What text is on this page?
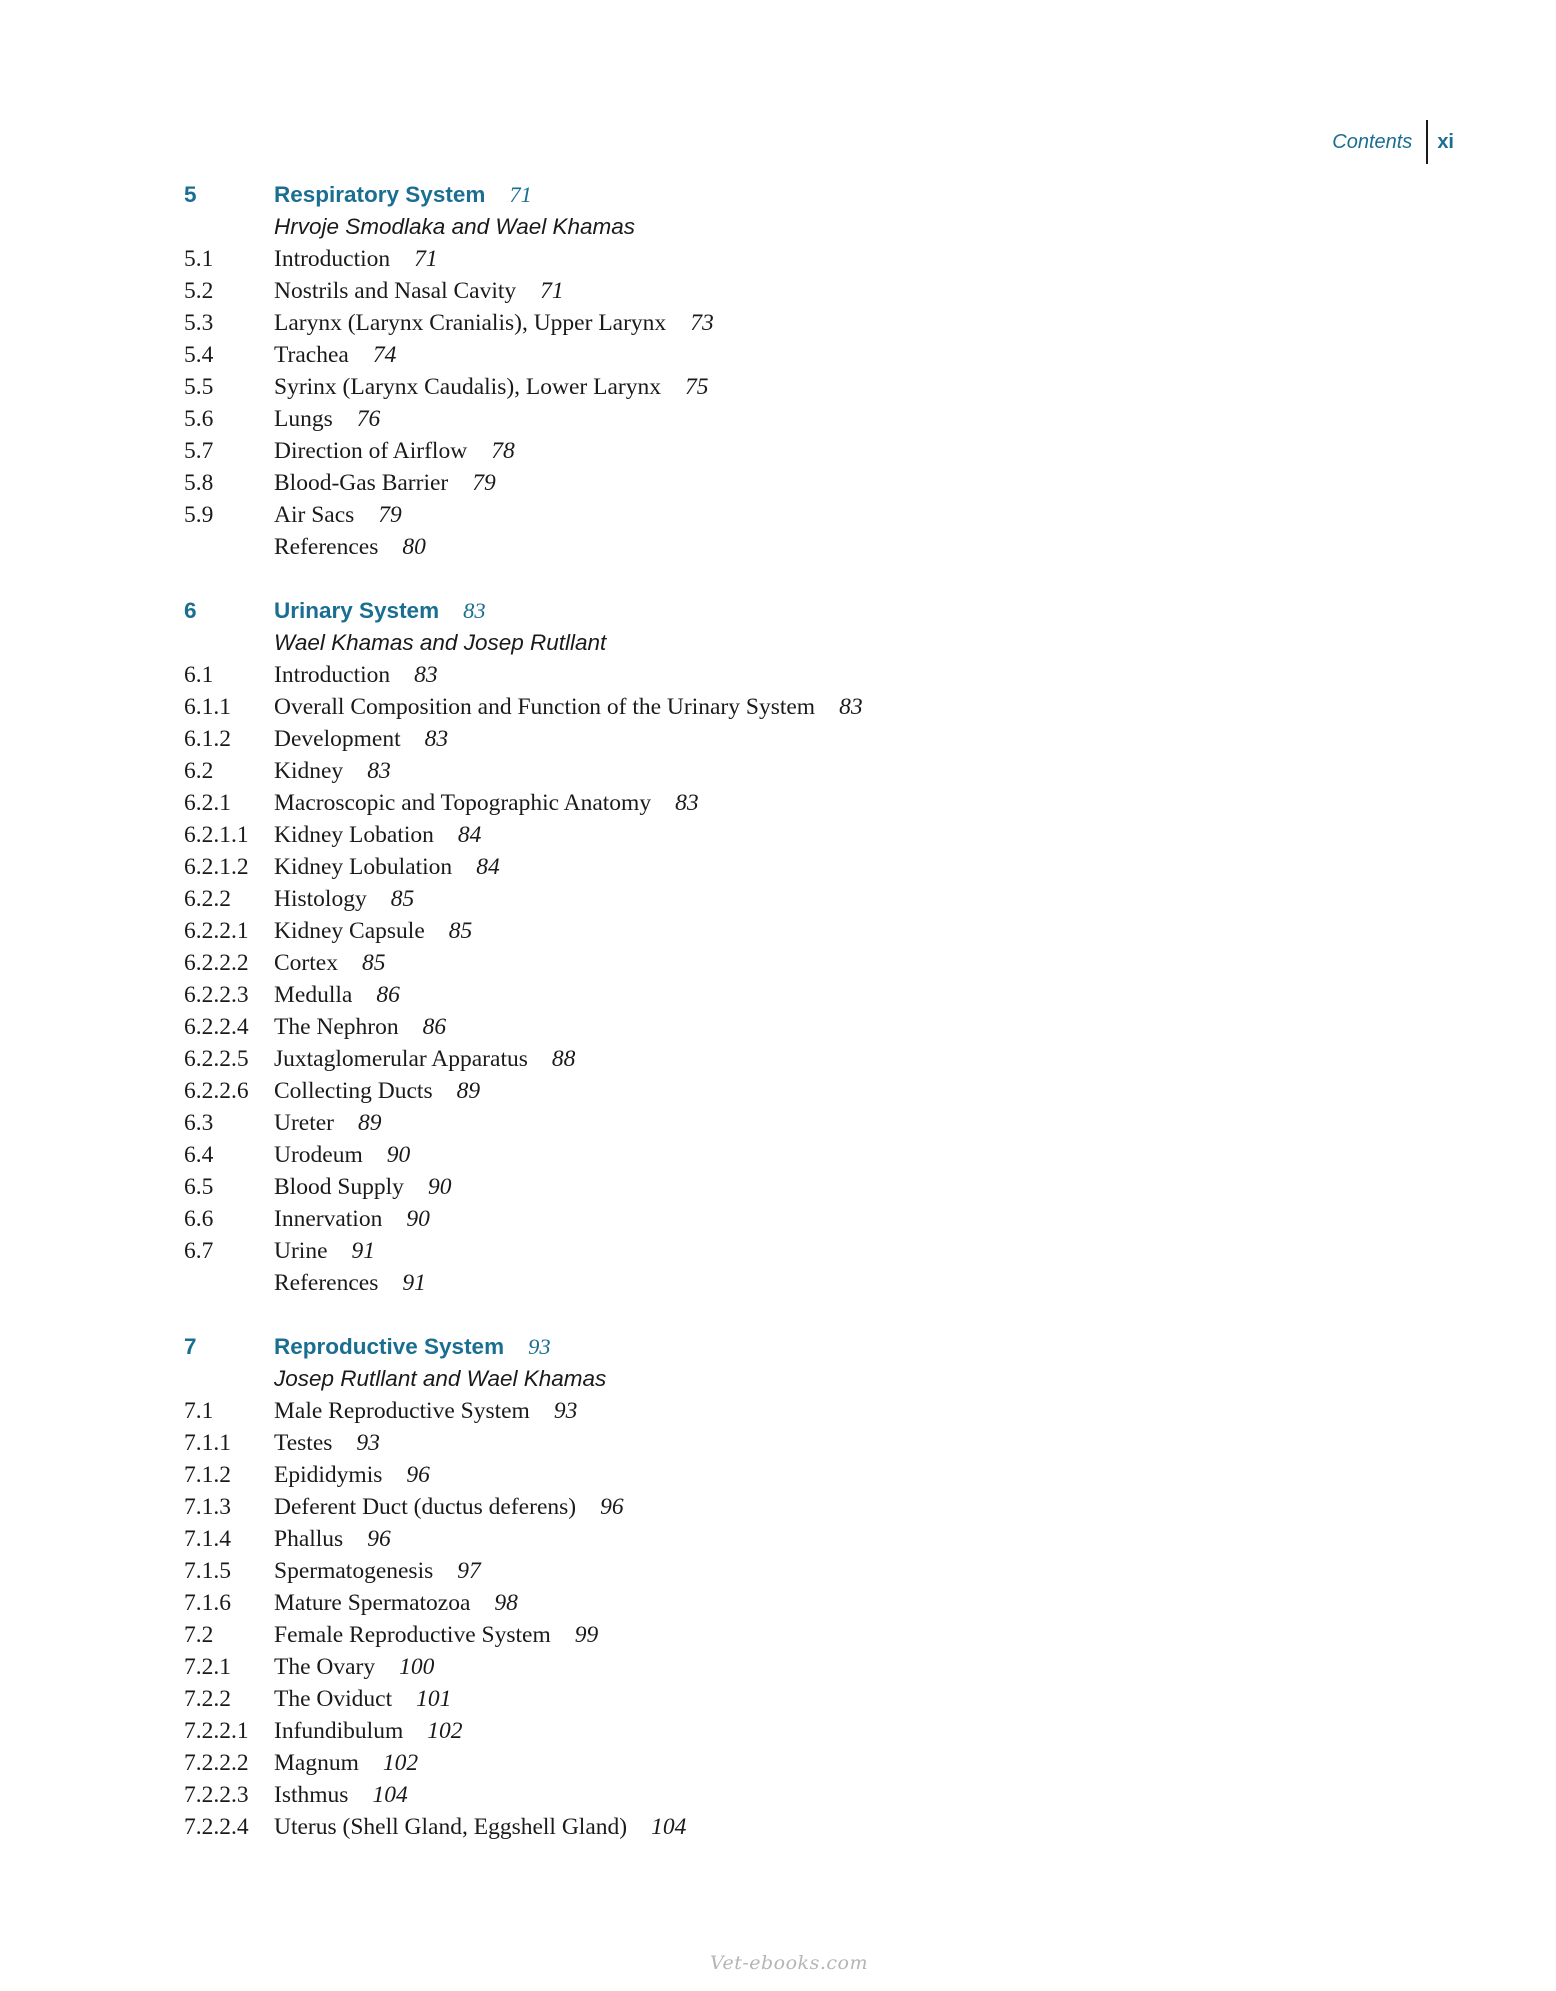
Contents	xi
5	Respiratory System 71
Hrvoje Smodlaka and Wael Khamas
5.1	Introduction 71
5.2	Nostrils and Nasal Cavity 71
5.3	Larynx (Larynx Cranialis), Upper Larynx 73
5.4	Trachea 74
5.5	Syrinx (Larynx Caudalis), Lower Larynx 75
5.6	Lungs 76
5.7	Direction of Airflow 78
5.8	Blood-Gas Barrier 79
5.9	Air Sacs 79
References 80
6	Urinary System 83
Wael Khamas and Josep Rutllant
6.1	Introduction 83
6.1.1	Overall Composition and Function of the Urinary System 83
6.1.2	Development 83
6.2	Kidney 83
6.2.1	Macroscopic and Topographic Anatomy 83
6.2.1.1	Kidney Lobation 84
6.2.1.2	Kidney Lobulation 84
6.2.2	Histology 85
6.2.2.1	Kidney Capsule 85
6.2.2.2	Cortex 85
6.2.2.3	Medulla 86
6.2.2.4	The Nephron 86
6.2.2.5	Juxtaglomerular Apparatus 88
6.2.2.6	Collecting Ducts 89
6.3	Ureter 89
6.4	Urodeum 90
6.5	Blood Supply 90
6.6	Innervation 90
6.7	Urine 91
References 91
7	Reproductive System 93
Josep Rutllant and Wael Khamas
7.1	Male Reproductive System 93
7.1.1	Testes 93
7.1.2	Epididymis 96
7.1.3	Deferent Duct (ductus deferens) 96
7.1.4	Phallus 96
7.1.5	Spermatogenesis 97
7.1.6	Mature Spermatozoa 98
7.2	Female Reproductive System 99
7.2.1	The Ovary 100
7.2.2	The Oviduct 101
7.2.2.1	Infundibulum 102
7.2.2.2	Magnum 102
7.2.2.3	Isthmus 104
7.2.2.4	Uterus (Shell Gland, Eggshell Gland) 104
Vet-ebooks.com
